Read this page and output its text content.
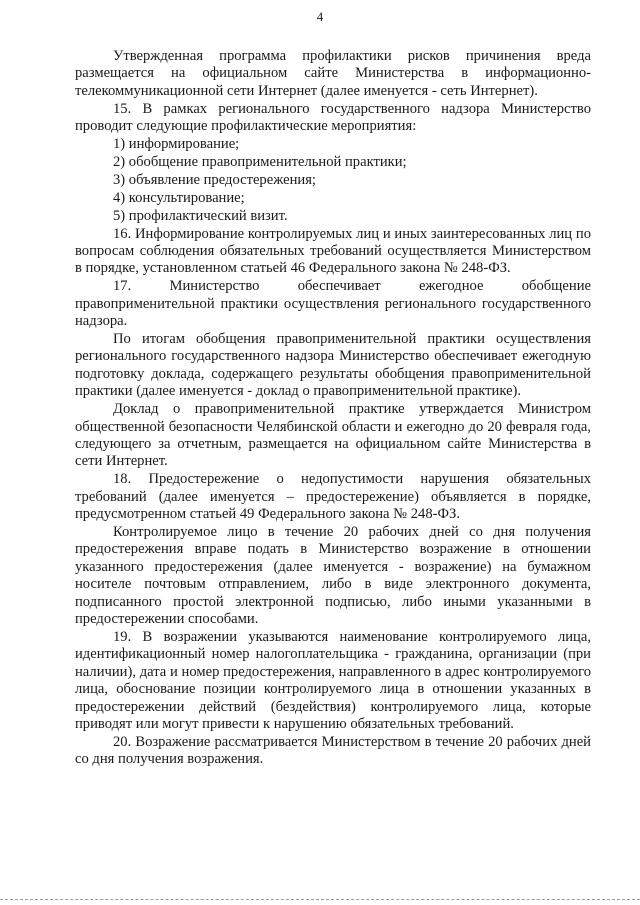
4

Утвержденная программа профилактики рисков причинения вреда размещается на официальном сайте Министерства в информационно-телекоммуникационной сети Интернет (далее именуется - сеть Интернет).

15. В рамках регионального государственного надзора Министерство проводит следующие профилактические мероприятия:

1) информирование;

2) обобщение правоприменительной практики;

3) объявление предостережения;

4) консультирование;

5) профилактический визит.

16. Информирование контролируемых лиц и иных заинтересованных лиц по вопросам соблюдения обязательных требований осуществляется Министерством в порядке, установленном статьей 46 Федерального закона № 248-ФЗ.

17. Министерство обеспечивает ежегодное обобщение правоприменительной практики осуществления регионального государственного надзора.

По итогам обобщения правоприменительной практики осуществления регионального государственного надзора Министерство обеспечивает ежегодную подготовку доклада, содержащего результаты обобщения правоприменительной практики (далее именуется - доклад о правоприменительной практике).

Доклад о правоприменительной практике утверждается Министром общественной безопасности Челябинской области и ежегодно до 20 февраля года, следующего за отчетным, размещается на официальном сайте Министерства в сети Интернет.

18. Предостережение о недопустимости нарушения обязательных требований (далее именуется – предостережение) объявляется в порядке, предусмотренном статьей 49 Федерального закона № 248-ФЗ.

Контролируемое лицо в течение 20 рабочих дней со дня получения предостережения вправе подать в Министерство возражение в отношении указанного предостережения (далее именуется - возражение) на бумажном носителе почтовым отправлением, либо в виде электронного документа, подписанного простой электронной подписью, либо иными указанными в предостережении способами.

19. В возражении указываются наименование контролируемого лица, идентификационный номер налогоплательщика - гражданина, организации (при наличии), дата и номер предостережения, направленного в адрес контролируемого лица, обоснование позиции контролируемого лица в отношении указанных в предостережении действий (бездействия) контролируемого лица, которые приводят или могут привести к нарушению обязательных требований.

20. Возражение рассматривается Министерством в течение 20 рабочих дней со дня получения возражения.
